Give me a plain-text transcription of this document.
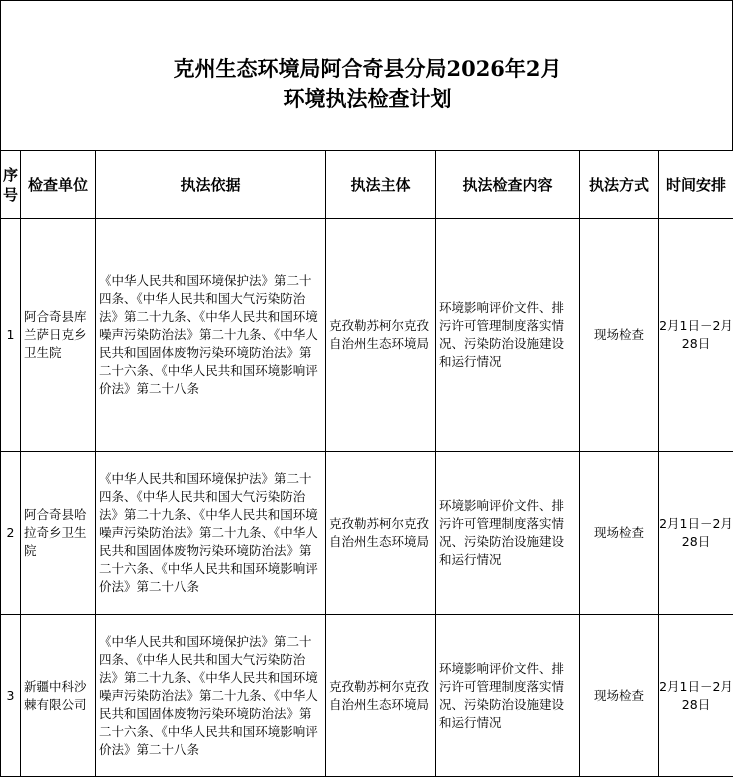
克州生态环境局阿合奇县分局2026年2月
环境执法检查计划
序号	检查单位	执法依据	执法主体	执法检查内容	执法方式	时间安排
1	阿合奇县库兰萨日克乡卫生院	《中华人民共和国环境保护法》第二十四条、《中华人民共和国大气污染防治法》第二十九条、《中华人民共和国环境噪声污染防治法》第二十九条、《中华人民共和国固体废物污染环境防治法》第二十六条、《中华人民共和国环境影响评价法》第二十八条	克孜勒苏柯尔克孜自治州生态环境局	环境影响评价文件、排污许可管理制度落实情况、污染防治设施建设和运行情况	现场检查	2月1日－2月28日
2	阿合奇县哈拉奇乡卫生院	《中华人民共和国环境保护法》第二十四条、《中华人民共和国大气污染防治法》第二十九条、《中华人民共和国环境噪声污染防治法》第二十九条、《中华人民共和国固体废物污染环境防治法》第二十六条、《中华人民共和国环境影响评价法》第二十八条	克孜勒苏柯尔克孜自治州生态环境局	环境影响评价文件、排污许可管理制度落实情况、污染防治设施建设和运行情况	现场检查	2月1日－2月28日
3	新疆中科沙棘有限公司	《中华人民共和国环境保护法》第二十四条、《中华人民共和国大气污染防治法》第二十九条、《中华人民共和国环境噪声污染防治法》第二十九条、《中华人民共和国固体废物污染环境防治法》第二十六条、《中华人民共和国环境影响评价法》第二十八条	克孜勒苏柯尔克孜自治州生态环境局	环境影响评价文件、排污许可管理制度落实情况、污染防治设施建设和运行情况	现场检查	2月1日－2月28日
